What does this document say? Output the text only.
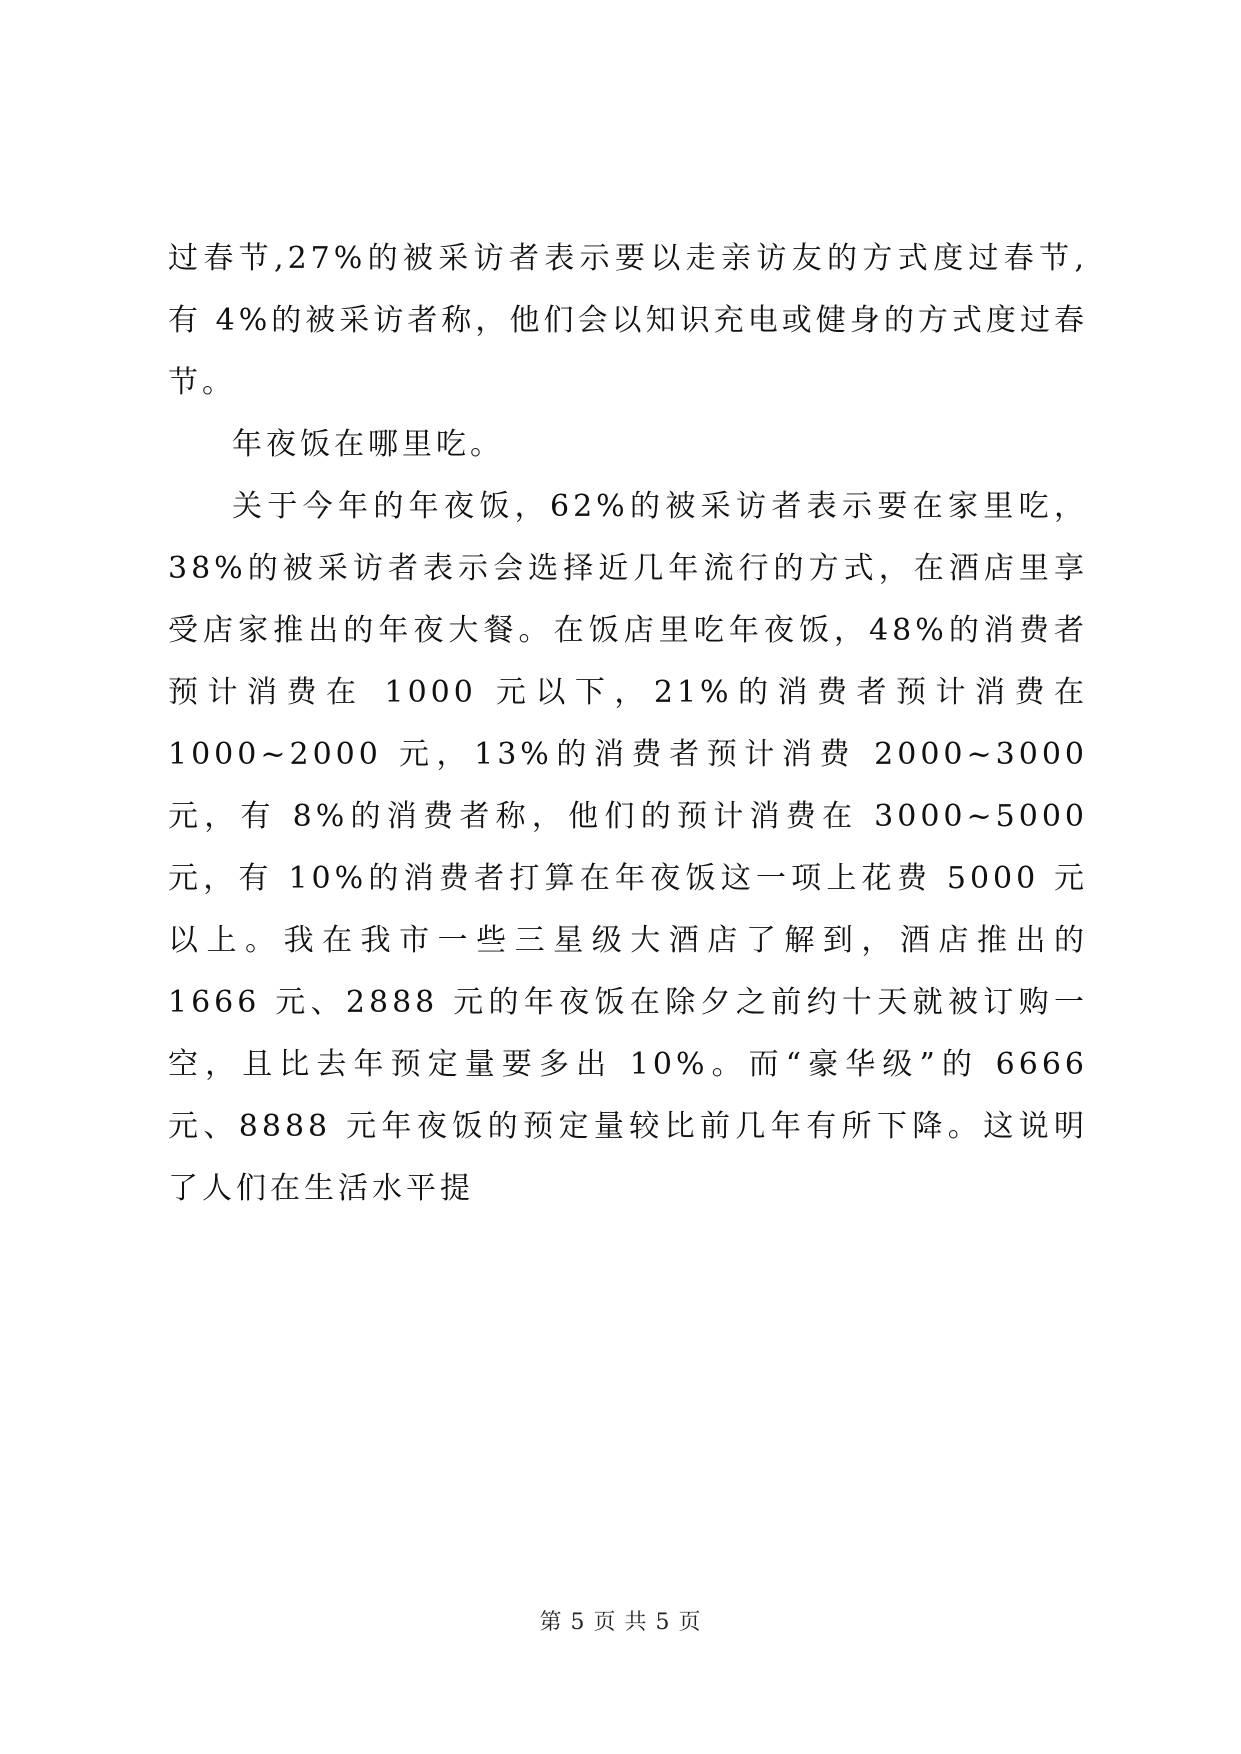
过春节,27%的被采访者表示要以走亲访友的方式度过春节,有 4%的被采访者称，他们会以知识充电或健身的方式度过春节。

年夜饭在哪里吃。

关于今年的年夜饭，62%的被采访者表示要在家里吃，38%的被采访者表示会选择近几年流行的方式，在酒店里享受店家推出的年夜大餐。在饭店里吃年夜饭，48%的消费者预计消费在 1000 元以下，21%的消费者预计消费在 1000~2000 元，13%的消费者预计消费 2000~3000 元，有 8%的消费者称，他们的预计消费在 3000~5000 元，有 10%的消费者打算在年夜饭这一项上花费 5000 元以上。我在我市一些三星级大酒店了解到，酒店推出的 1666 元、2888 元的年夜饭在除夕之前约十天就被订购一空，且比去年预定量要多出 10%。而“豪华级”的 6666 元、8888 元年夜饭的预定量较比前几年有所下降。这说明了人们在生活水平提

第 5 页 共 5 页
